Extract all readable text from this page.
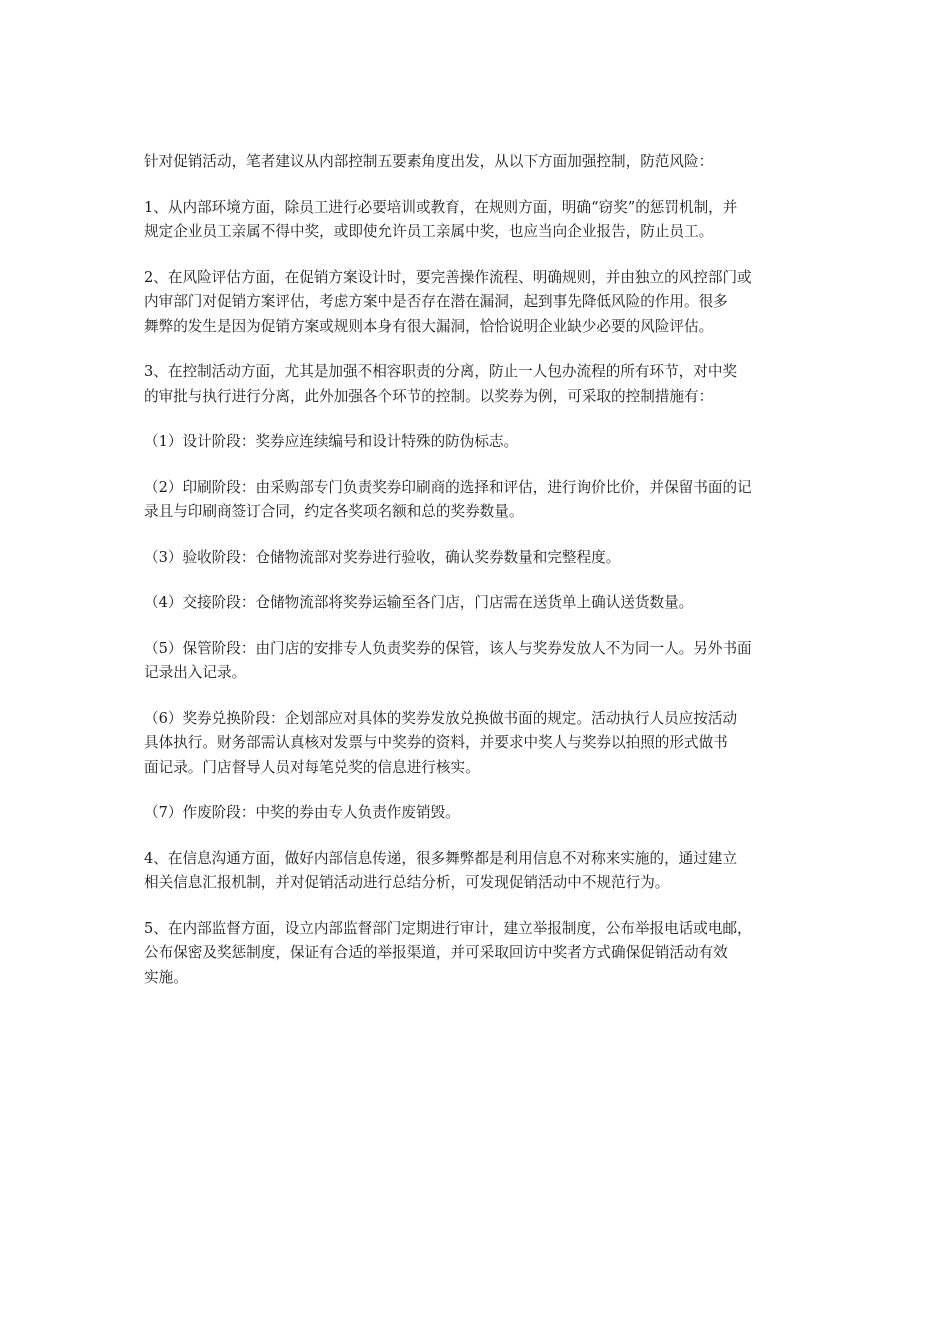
针对促销活动，笔者建议从内部控制五要素角度出发，从以下方面加强控制，防范风险：

1、从内部环境方面，除员工进行必要培训或教育，在规则方面，明确“窃奖”的惩罚机制，并
规定企业员工亲属不得中奖，或即使允许员工亲属中奖，也应当向企业报告，防止员工。

2、在风险评估方面，在促销方案设计时，要完善操作流程、明确规则，并由独立的风控部门或
内审部门对促销方案评估，考虑方案中是否存在潜在漏洞，起到事先降低风险的作用。很多
舞弊的发生是因为促销方案或规则本身有很大漏洞，恰恰说明企业缺少必要的风险评估。

3、在控制活动方面，尤其是加强不相容职责的分离，防止一人包办流程的所有环节，对中奖
的审批与执行进行分离，此外加强各个环节的控制。以奖券为例，可采取的控制措施有：

（1）设计阶段：奖券应连续编号和设计特殊的防伪标志。

（2）印刷阶段：由采购部专门负责奖券印刷商的选择和评估，进行询价比价，并保留书面的记
录且与印刷商签订合同，约定各奖项名额和总的奖券数量。

（3）验收阶段：仓储物流部对奖券进行验收，确认奖券数量和完整程度。

（4）交接阶段：仓储物流部将奖券运输至各门店，门店需在送货单上确认送货数量。

（5）保管阶段：由门店的安排专人负责奖券的保管，该人与奖券发放人不为同一人。另外书面
记录出入记录。

（6）奖券兑换阶段：企划部应对具体的奖券发放兑换做书面的规定。活动执行人员应按活动
具体执行。财务部需认真核对发票与中奖券的资料，并要求中奖人与奖券以拍照的形式做书
面记录。门店督导人员对每笔兑奖的信息进行核实。

（7）作废阶段：中奖的券由专人负责作废销毁。

4、在信息沟通方面，做好内部信息传递，很多舞弊都是利用信息不对称来实施的，通过建立
相关信息汇报机制，并对促销活动进行总结分析，可发现促销活动中不规范行为。

5、在内部监督方面，设立内部监督部门定期进行审计，建立举报制度，公布举报电话或电邮，
公布保密及奖惩制度，保证有合适的举报渠道，并可采取回访中奖者方式确保促销活动有效
实施。
